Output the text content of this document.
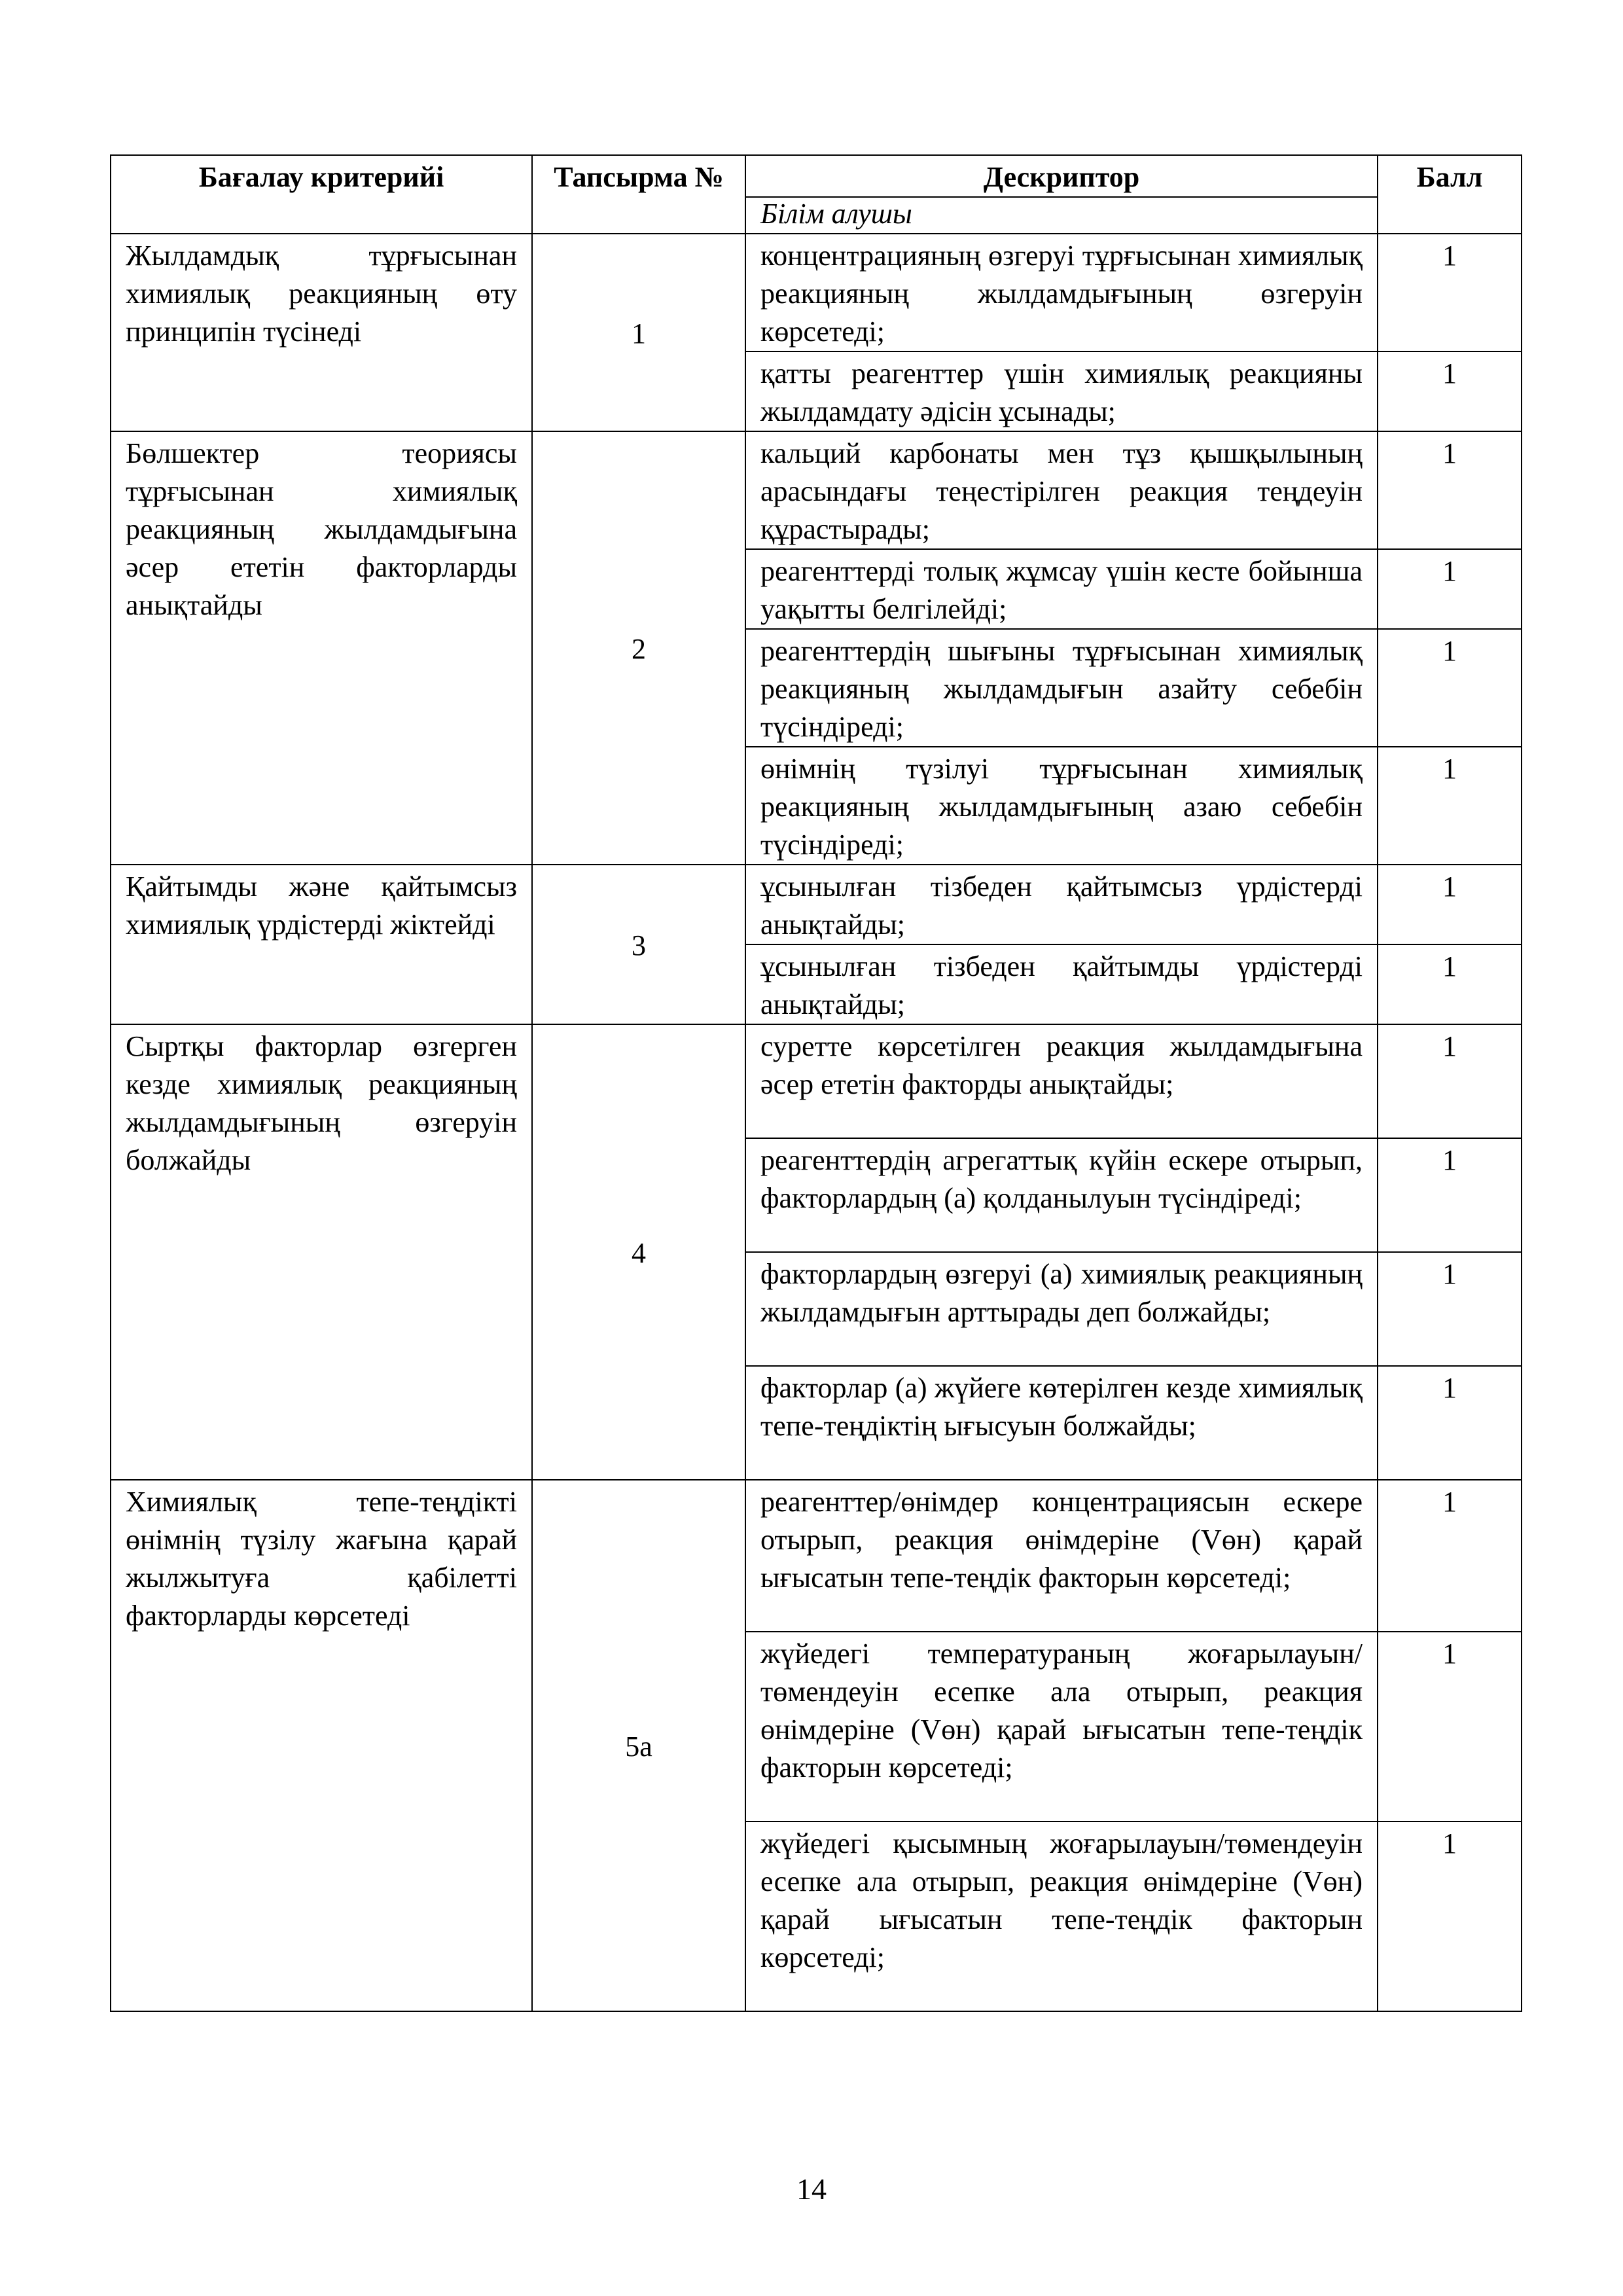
Бағалау критерийі	Тапсырма №	Дескриптор	Балл
		Білім алушы	
Жылдамдық тұрғысынан химиялық реакцияның өту принципін түсінеді	1	концентрацияның өзгеруі тұрғысынан химиялық реакцияның жылдамдығының өзгеруін көрсетеді;	1
		қатты реагенттер үшін химиялық реакцияны жылдамдату әдісін ұсынады;	1
Бөлшектер теориясы тұрғысынан химиялық реакцияның жылдамдығына әсер ететін факторларды анықтайды	2	кальций карбонаты мен тұз қышқылының арасындағы теңестірілген реакция теңдеуін құрастырады;	1
		реагенттерді толық жұмсау үшін кесте бойынша уақытты белгілейді;	1
		реагенттердің шығыны тұрғысынан химиялық реакцияның жылдамдығын азайту себебін түсіндіреді;	1
		өнімнің түзілуі тұрғысынан химиялық реакцияның жылдамдығының азаю себебін түсіндіреді;	1
Қайтымды және қайтымсыз химиялық үрдістерді жіктейді	3	ұсынылған тізбеден қайтымсыз үрдістерді анықтайды;	1
		ұсынылған тізбеден қайтымды үрдістерді анықтайды;	1
Сыртқы факторлар өзгерген кезде химиялық реакцияның жылдамдығының өзгеруін болжайды	4	суретте көрсетілген реакция жылдамдығына әсер ететін факторды анықтайды;	1
		реагенттердің агрегаттық күйін ескере отырып, факторлардың (а) қолданылуын түсіндіреді;	1
		факторлардың өзгеруі (а) химиялық реакцияның жылдамдығын арттырады деп болжайды;	1
		факторлар (а) жүйеге көтерілген кезде химиялық тепе-теңдіктің ығысуын болжайды;	1
Химиялық тепе-теңдікті өнімнің түзілу жағына қарай жылжытуға қабілетті факторларды көрсетеді	5а	реагенттер/өнімдер концентрациясын ескере отырып, реакция өнімдеріне (Vөн) қарай ығысатын тепе-теңдік факторын көрсетеді;	1
		жүйедегі температураның жоғарылауын/төмендеуін есепке ала отырып, реакция өнімдеріне (Vөн) қарай ығысатын тепе-теңдік факторын көрсетеді;	1
		жүйедегі қысымның жоғарылауын/төмендеуін есепке ала отырып, реакция өнімдеріне (Vөн) қарай ығысатын тепе-теңдік факторын көрсетеді;	1
14
